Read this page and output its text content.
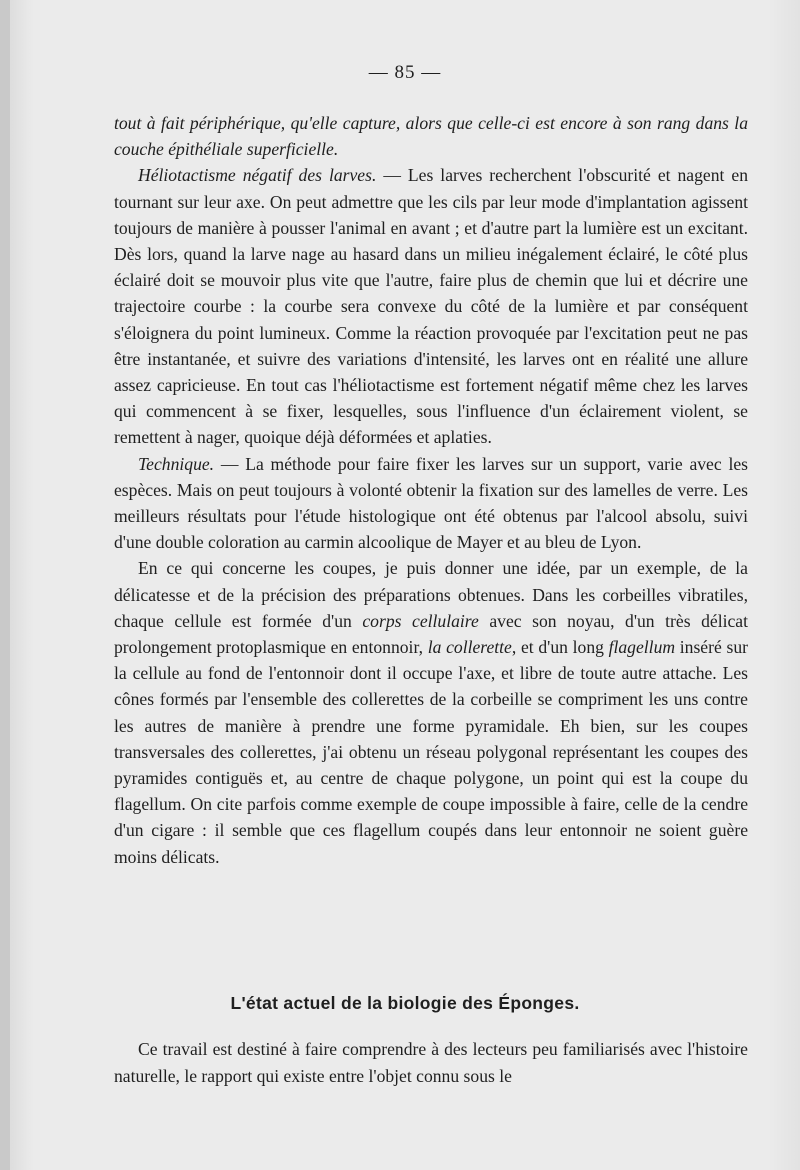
— 85 —

tout à fait périphérique, qu'elle capture, alors que celle-ci est encore à son rang dans la couche épithéliale superficielle.

Héliotactisme négatif des larves. — Les larves recherchent l'obscurité et nagent en tournant sur leur axe. On peut admettre que les cils par leur mode d'implantation agissent toujours de manière à pousser l'animal en avant ; et d'autre part la lumière est un excitant. Dès lors, quand la larve nage au hasard dans un milieu inégalement éclairé, le côté plus éclairé doit se mouvoir plus vite que l'autre, faire plus de chemin que lui et décrire une trajectoire courbe : la courbe sera convexe du côté de la lumière et par conséquent s'éloignera du point lumineux. Comme la réaction provoquée par l'excitation peut ne pas être instantanée, et suivre des variations d'intensité, les larves ont en réalité une allure assez capricieuse. En tout cas l'héliotactisme est fortement négatif même chez les larves qui commencent à se fixer, lesquelles, sous l'influence d'un éclairement violent, se remettent à nager, quoique déjà déformées et aplaties.

Technique. — La méthode pour faire fixer les larves sur un support, varie avec les espèces. Mais on peut toujours à volonté obtenir la fixation sur des lamelles de verre. Les meilleurs résultats pour l'étude histologique ont été obtenus par l'alcool absolu, suivi d'une double coloration au carmin alcoolique de Mayer et au bleu de Lyon.

En ce qui concerne les coupes, je puis donner une idée, par un exemple, de la délicatesse et de la précision des préparations obtenues. Dans les corbeilles vibratiles, chaque cellule est formée d'un corps cellulaire avec son noyau, d'un très délicat prolongement protoplasmique en entonnoir, la collerette, et d'un long flagellum inséré sur la cellule au fond de l'entonnoir dont il occupe l'axe, et libre de toute autre attache. Les cônes formés par l'ensemble des collerettes de la corbeille se compriment les uns contre les autres de manière à prendre une forme pyramidale. Eh bien, sur les coupes transversales des collerettes, j'ai obtenu un réseau polygonal représentant les coupes des pyramides contiguës et, au centre de chaque polygone, un point qui est la coupe du flagellum. On cite parfois comme exemple de coupe impossible à faire, celle de la cendre d'un cigare : il semble que ces flagellum coupés dans leur entonnoir ne soient guère moins délicats.

L'état actuel de la biologie des Éponges.

Ce travail est destiné à faire comprendre à des lecteurs peu familiarisés avec l'histoire naturelle, le rapport qui existe entre l'objet connu sous le
